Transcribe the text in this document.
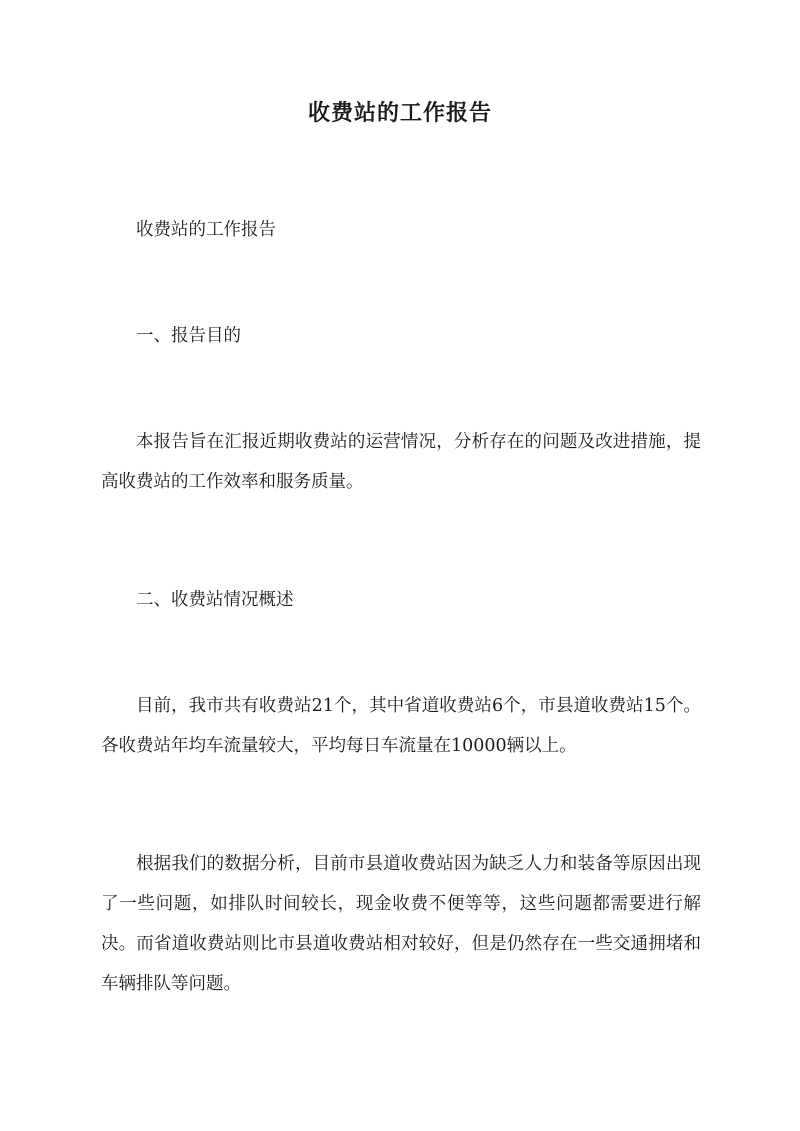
收费站的工作报告

收费站的工作报告

一、报告目的

本报告旨在汇报近期收费站的运营情况，分析存在的问题及改进措施，提高收费站的工作效率和服务质量。

二、收费站情况概述

目前，我市共有收费站21个，其中省道收费站6个，市县道收费站15个。各收费站年均车流量较大，平均每日车流量在10000辆以上。

根据我们的数据分析，目前市县道收费站因为缺乏人力和装备等原因出现了一些问题，如排队时间较长，现金收费不便等等，这些问题都需要进行解决。而省道收费站则比市县道收费站相对较好，但是仍然存在一些交通拥堵和车辆排队等问题。
